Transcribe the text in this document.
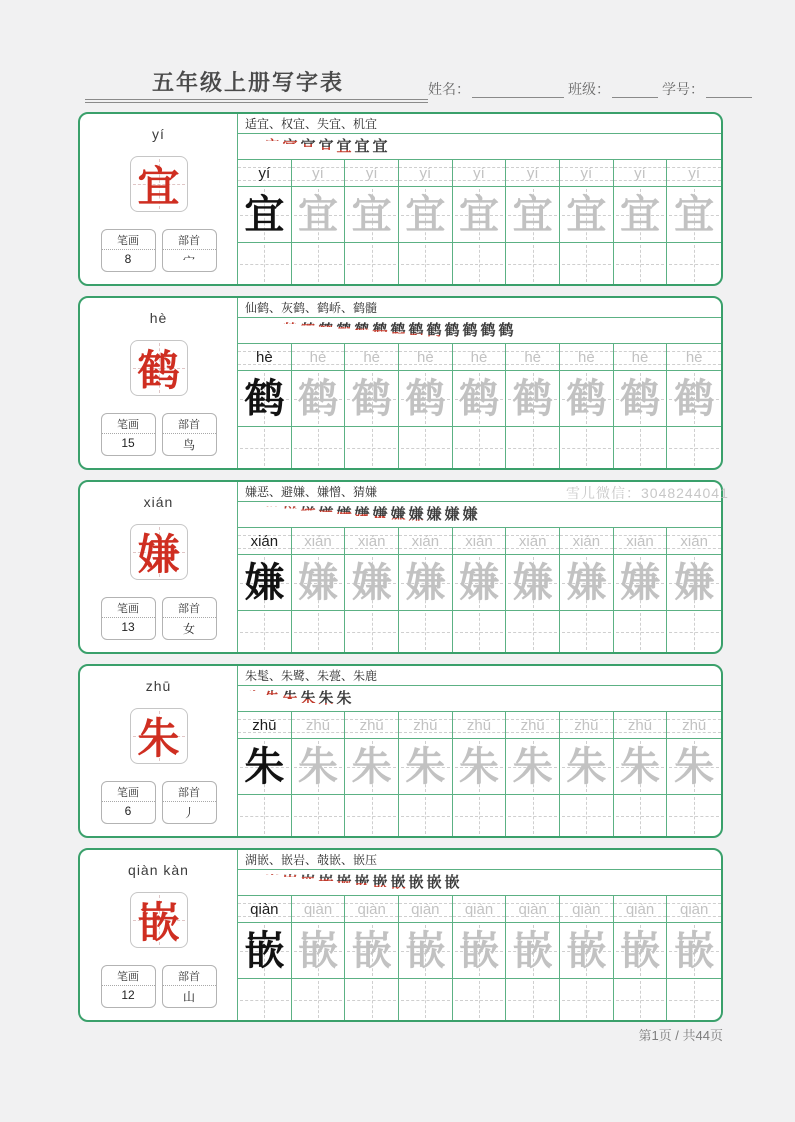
五年级上册写字表	姓名：	班级：	学号：
yí
宜
笔画
8
部首
宀
适宜、权宜、失宜、机宜
宜 宜 宜 宜 宜 宜 宜 宜
yí	yí	yí	yí	yí	yí	yí	yí	yí
宜 宜 宜 宜 宜 宜 宜 宜 宜
hè
鹤
笔画
15
部首
鸟
仙鹤、灰鹤、鹤峤、鹤髓
鹤 鹤 鹤 鹤 鹤 鹤 鹤 鹤 鹤 鹤 鹤 鹤 鹤 鹤 鹤
hè hè hè hè hè hè hè hè hè
鹤 鹤 鹤 鹤 鹤 鹤 鹤 鹤 鹤
xián
嫌
笔画
13
部首
女
嫌恶、避嫌、嫌憎、猜嫌
嫌 嫌 嫌 嫌 嫌 嫌 嫌 嫌 嫌 嫌 嫌 嫌 嫌
xián xián xián xián xián xián xián xián xián
嫌 嫌 嫌 嫌 嫌 嫌 嫌 嫌 嫌
zhū
朱
笔画
6
部首
丿
朱髦、朱鹭、朱甍、朱鹿
朱 朱 朱 朱 朱 朱
zhū zhū zhū zhū zhū zhū zhū zhū zhū
朱 朱 朱 朱 朱 朱 朱 朱 朱
qiàn kàn
嵌
笔画
12
部首
山
湖嵌、嵌岩、攲嵌、嵌压
嵌 嵌 嵌 嵌 嵌 嵌 嵌 嵌 嵌 嵌 嵌 嵌
qiàn qiàn qiàn qiàn qiàn qiàn qiàn qiàn qiàn
嵌 嵌 嵌 嵌 嵌 嵌 嵌 嵌 嵌
雪儿微信：3048244041
第1页 / 共44页
